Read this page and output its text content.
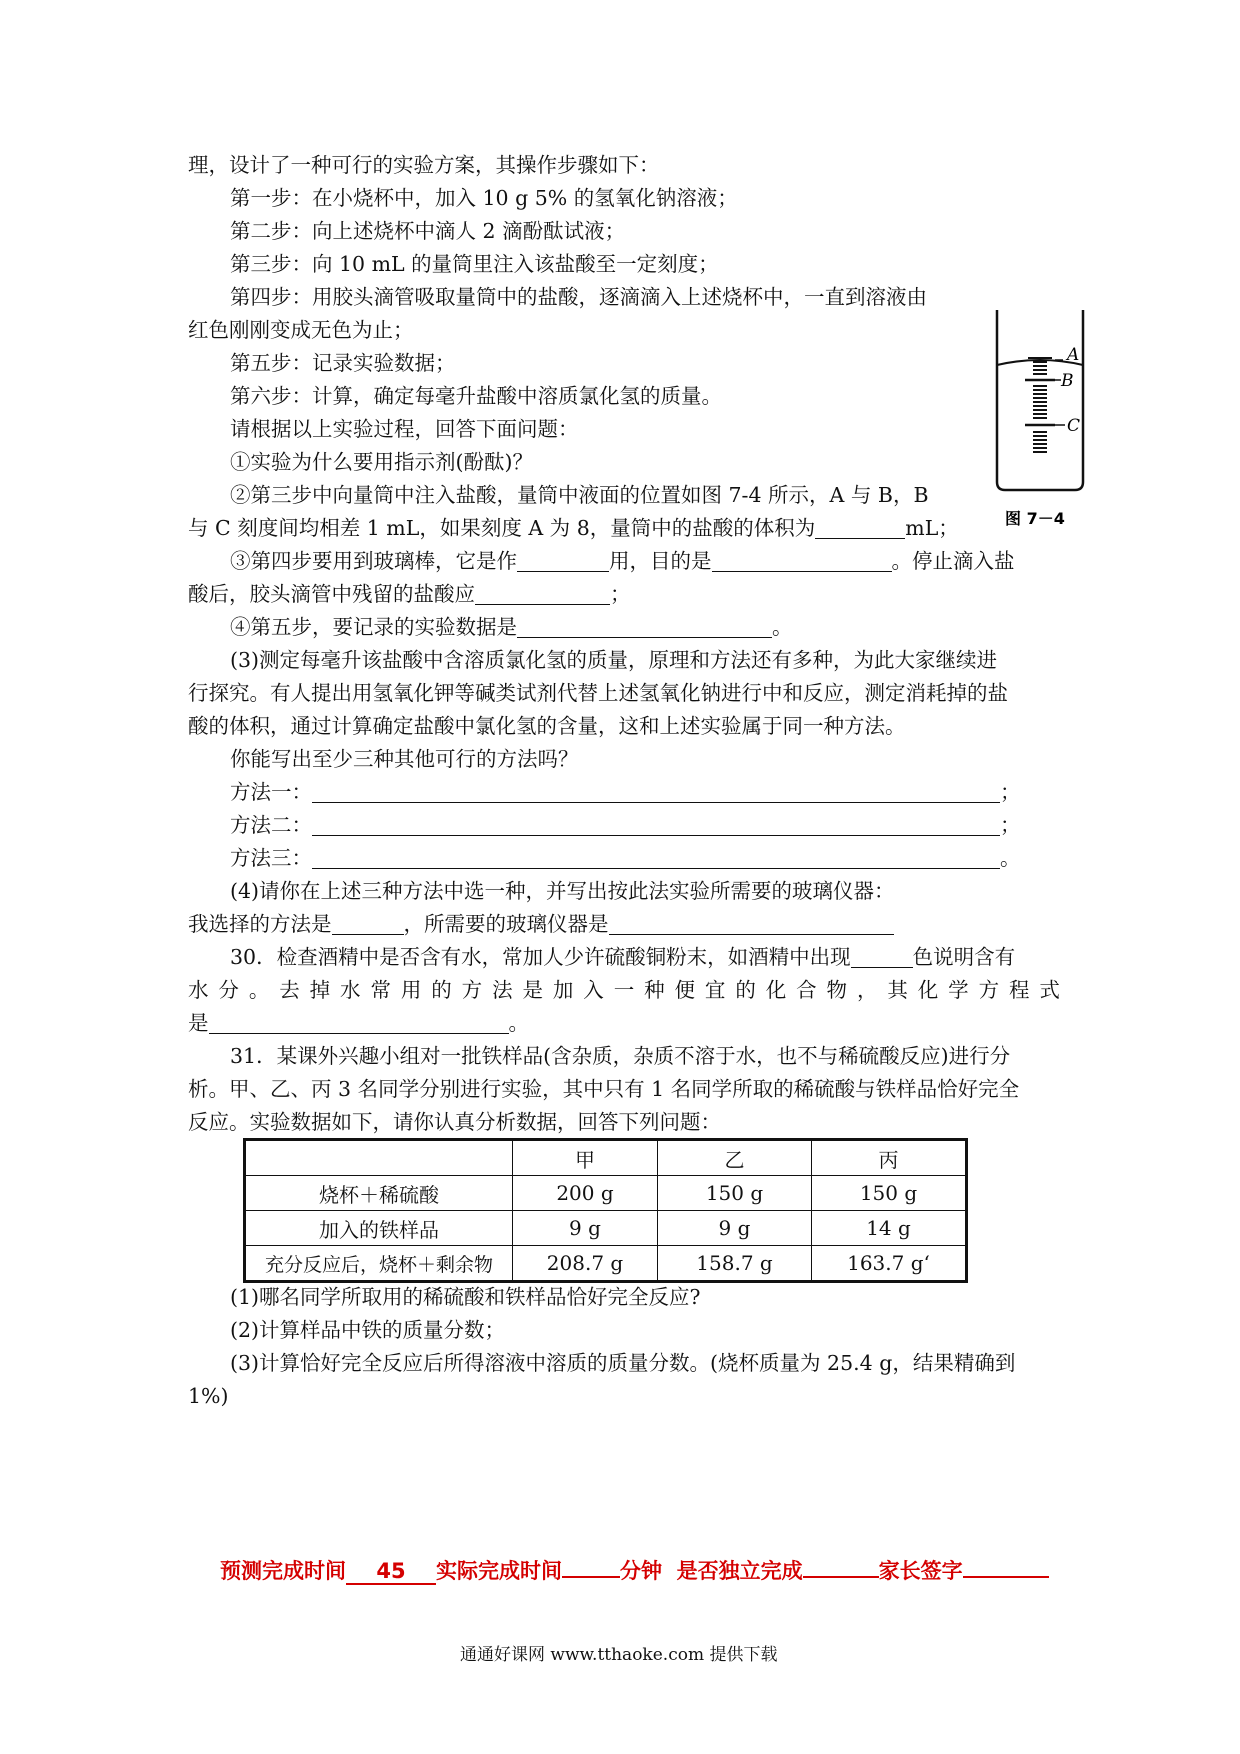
理，设计了一种可行的实验方案，其操作步骤如下：
第一步：在小烧杯中，加入 10 g 5% 的氢氧化钠溶液；
第二步：向上述烧杯中滴人 2 滴酚酞试液；
第三步：向 10 mL 的量筒里注入该盐酸至一定刻度；
第四步：用胶头滴管吸取量筒中的盐酸，逐滴滴入上述烧杯中，一直到溶液由
红色刚刚变成无色为止；
第五步：记录实验数据；
第六步：计算，确定每毫升盐酸中溶质氯化氢的质量。
请根据以上实验过程，回答下面问题：
①实验为什么要用指示剂(酚酞)？
②第三步中向量筒中注入盐酸，量筒中液面的位置如图 7-4 所示，A 与 B，B
与 C 刻度间均相差 1 mL，如果刻度 A 为 8，量筒中的盐酸的体积为	mL；
③第四步要用到玻璃棒，它是作	用，目的是	。停止滴入盐
酸后，胶头滴管中残留的盐酸应	；
④第五步，要记录的实验数据是	。
(3)测定每毫升该盐酸中含溶质氯化氢的质量，原理和方法还有多种，为此大家继续进
行探究。有人提出用氢氧化钾等碱类试剂代替上述氢氧化钠进行中和反应，测定消耗掉的盐
酸的体积，通过计算确定盐酸中氯化氢的含量，这和上述实验属于同一种方法。
你能写出至少三种其他可行的方法吗？
方法一：	；
方法二：	；
方法三：	。
(4)请你在上述三种方法中选一种，并写出按此法实验所需要的玻璃仪器：
我选择的方法是	，所需要的玻璃仪器是
30．检查酒精中是否含有水，常加人少许硫酸铜粉末，如酒精中出现	色说明含有
水 分 。 去 掉 水 常 用 的 方 法 是 加 入 一 种 便 宜 的 化 合 物 ， 其 化 学 方 程 式
是	。
31．某课外兴趣小组对一批铁样品(含杂质，杂质不溶于水，也不与稀硫酸反应)进行分
析。甲、乙、丙 3 名同学分别进行实验，其中只有 1 名同学所取的稀硫酸与铁样品恰好完全
反应。实验数据如下，请你认真分析数据，回答下列问题：
	甲	乙	丙
烧杯＋稀硫酸	200 g	150 g	150 g
加入的铁样品	9 g	9 g	14 g
充分反应后，烧杯＋剩余物	208.7 g	158.7 g	163.7 g‘
(1)哪名同学所取用的稀硫酸和铁样品恰好完全反应?
(2)计算样品中铁的质量分数；
(3)计算恰好完全反应后所得溶液中溶质的质量分数。(烧杯质量为 25.4 g，结果精确到
1%)
A
B
C
图 7－4
预测完成时间 45 实际完成时间	分钟 是否独立完成	家长签字
通通好课网 www.tthaoke.com 提供下载
